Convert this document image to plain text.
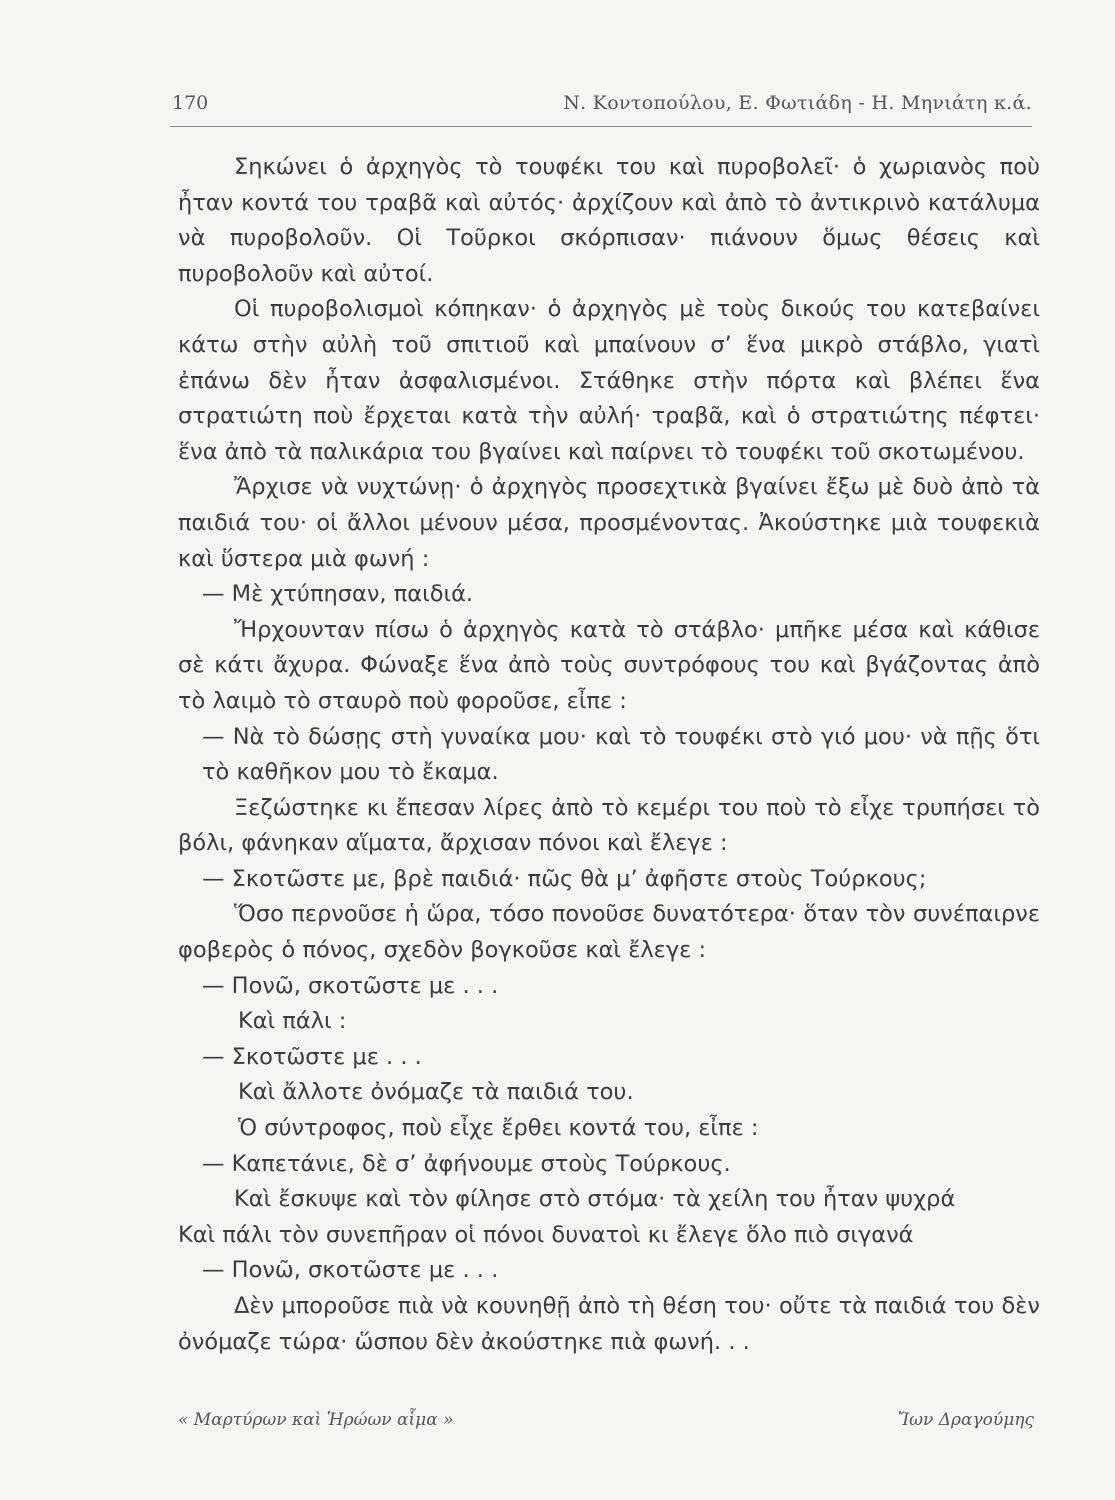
170	Ν. Κοντοπούλου, Ε. Φωτιάδη - Η. Μηνιάτη κ.ά.

Σηκώνει ὁ ἀρχηγὸς τὸ τουφέκι του καὶ πυροβολεῖ· ὁ χωριανὸς ποὺ ἦταν κοντά του τραβᾶ καὶ αὐτός· ἀρχίζουν καὶ ἀπὸ τὸ ἀντικρινὸ κατάλυμα νὰ πυροβολοῦν. Οἱ Τοῦρκοι σκόρπισαν· πιάνουν ὅμως θέσεις καὶ πυροβολοῦν καὶ αὐτοί.

Οἱ πυροβολισμοὶ κόπηκαν· ὁ ἀρχηγὸς μὲ τοὺς δικούς του κατεβαίνει κάτω στὴν αὐλὴ τοῦ σπιτιοῦ καὶ μπαίνουν σ’ ἕνα μικρὸ στάβλο, γιατὶ ἐπάνω δὲν ἦταν ἀσφαλισμένοι. Στάθηκε στὴν πόρτα καὶ βλέπει ἕνα στρατιώτη ποὺ ἔρχεται κατὰ τὴν αὐλή· τραβᾶ, καὶ ὁ στρατιώτης πέφτει· ἕνα ἀπὸ τὰ παλικάρια του βγαίνει καὶ παίρνει τὸ τουφέκι τοῦ σκοτωμένου.

Ἄρχισε νὰ νυχτώνῃ· ὁ ἀρχηγὸς προσεχτικὰ βγαίνει ἔξω μὲ δυὸ ἀπὸ τὰ παιδιά του· οἱ ἄλλοι μένουν μέσα, προσμένοντας. Ἀκούστηκε μιὰ τουφεκιὰ καὶ ὕστερα μιὰ φωνή :

— Μὲ χτύπησαν, παιδιά.

Ἤρχουνταν πίσω ὁ ἀρχηγὸς κατὰ τὸ στάβλο· μπῆκε μέσα καὶ κάθισε σὲ κάτι ἄχυρα. Φώναξε ἕνα ἀπὸ τοὺς συντρόφους του καὶ βγάζοντας ἀπὸ τὸ λαιμὸ τὸ σταυρὸ ποὺ φοροῦσε, εἶπε :

— Νὰ τὸ δώσῃς στὴ γυναίκα μου· καὶ τὸ τουφέκι στὸ γιό μου· νὰ πῇς ὅτι τὸ καθῆκον μου τὸ ἔκαμα.

Ξεζώστηκε κι ἔπεσαν λίρες ἀπὸ τὸ κεμέρι του ποὺ τὸ εἶχε τρυπήσει τὸ βόλι, φάνηκαν αἵματα, ἄρχισαν πόνοι καὶ ἔλεγε :

— Σκοτῶστε με, βρὲ παιδιά· πῶς θὰ μ’ ἀφῆστε στοὺς Τούρκους;

Ὅσο περνοῦσε ἡ ὥρα, τόσο πονοῦσε δυνατότερα· ὅταν τὸν συνέπαιρνε φοβερὸς ὁ πόνος, σχεδὸν βογκοῦσε καὶ ἔλεγε :

— Πονῶ, σκοτῶστε με . . .

Καὶ πάλι :

— Σκοτῶστε με . . .

Καὶ ἄλλοτε ὀνόμαζε τὰ παιδιά του.

Ὁ σύντροφος, ποὺ εἶχε ἔρθει κοντά του, εἶπε :

— Καπετάνιε, δὲ σ’ ἀφήνουμε στοὺς Τούρκους.

Καὶ ἔσκυψε καὶ τὸν φίλησε στὸ στόμα· τὰ χείλη του ἦταν ψυχρά

Καὶ πάλι τὸν συνεπῆραν οἱ πόνοι δυνατοὶ κι ἔλεγε ὅλο πιὸ σιγανά

— Πονῶ, σκοτῶστε με . . .

Δὲν μποροῦσε πιὰ νὰ κουνηθῇ ἀπὸ τὴ θέση του· οὔτε τὰ παιδιά του δὲν ὀνόμαζε τώρα· ὥσπου δὲν ἀκούστηκε πιὰ φωνή. . .

« Μαρτύρων καὶ Ἡρώων αἷμα »	Ἴων Δραγούμης
